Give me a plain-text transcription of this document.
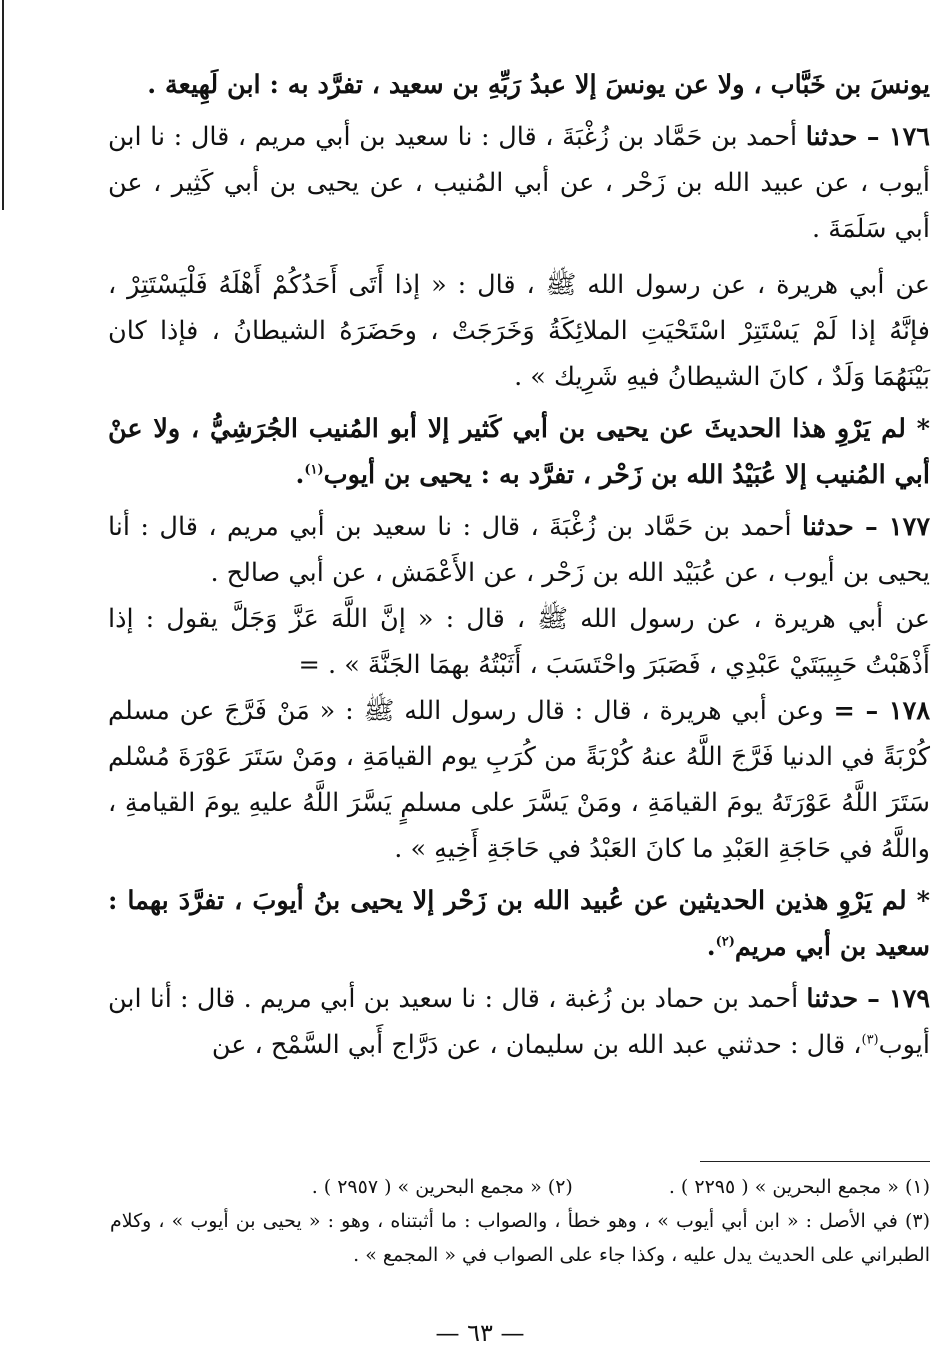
يونسَ بن خَبَّاب ، ولا عن يونسَ إلا عبدُ رَبِّهِ بن سعيد ، تفرَّد به : ابن لَهِيعة .

١٧٦ – حدثنا أحمد بن حَمَّاد بن زُغْبَةَ ، قال : نا سعيد بن أبي مريم ، قال : نا ابن أيوب ، عن عبيد الله بن زَحْر ، عن أبي المُنيب ، عن يحيى بن أبي كَثِير ، عن أبي سَلَمَةَ .

عن أبي هريرة ، عن رسول الله ﷺ ، قال : « إذا أَتَى أَحَدُكُمْ أَهْلَهُ فَلْيَسْتَتِرْ ، فإنَّهُ إذا لَمْ يَسْتَتِرْ اسْتَحْيَتِ الملائِكَةُ وَخَرَجَتْ ، وحَضَرَهُ الشيطانُ ، فإذا كان بَيْنَهُمَا وَلَدٌ ، كانَ الشيطانُ فيهِ شَرِيك » .

* لم يَرْوِ هذا الحديثَ عن يحيى بن أبي كَثير إلا أبو المُنيب الجُرَشِيُّ ، ولا عنْ أبي المُنيب إلا عُبَيْدُ الله بن زَحْر ، تفرَّد به : يحيى بن أيوب$^{(١)}$.

١٧٧ – حدثنا أحمد بن حَمَّاد بن زُغْبَةَ ، قال : نا سعيد بن أبي مريم ، قال : أنا يحيى بن أيوب ، عن عُبَيْد الله بن زَحْر ، عن الأَعْمَش ، عن أبي صالح .

عن أبي هريرة ، عن رسول الله ﷺ ، قال : « إنَّ اللَّهَ عَزَّ وَجَلَّ يقول : إذا أَذْهَبْتُ حَبِيبَتَيْ عَبْدِي ، فَصَبَرَ واحْتَسَبَ ، أَثَبْتُهُ بهمَا الجَنَّةَ » . =

١٧٨ – = وعن أبي هريرة ، قال : قال رسول الله ﷺ : « مَنْ فَرَّجَ عن مسلم كُرْبَةً في الدنيا فَرَّجَ اللَّهُ عنهُ كُرْبَةً من كُرَبِ يوم القيامَةِ ، ومَنْ سَتَرَ عَوْرَةَ مُسْلم سَتَرَ اللَّهُ عَوْرَتَهُ يومَ القيامَةِ ، ومَنْ يَسَّرَ على مسلمٍ يَسَّرَ اللَّهُ عليهِ يومَ القيامةِ ، واللَّهُ في حَاجَةِ العَبْدِ ما كانَ العَبْدُ في حَاجَةِ أَخِيهِ » .

* لم يَرْوِ هذين الحديثين عن عُبيد الله بن زَحْر إلا يحيى بنُ أيوبَ ، تفرَّدَ بهما : سعيد بن أبي مريم$^{(٢)}$.

١٧٩ – حدثنا أحمد بن حماد بن زُغبة ، قال : نا سعيد بن أبي مريم . قال : أنا ابن أيوب$^{(٣)}$، قال : حدثني عبد الله بن سليمان ، عن دَرَّاج أَبي السَّمْح ، عن

(١) « مجمع البحرين » ( ٢٢٩٥ ) .

(٢) « مجمع البحرين » ( ٢٩٥٧ ) .

(٣) في الأصل : « ابن أبي أيوب » ، وهو خطأ ، والصواب : ما أثبتناه ، وهو : « يحيى بن أيوب » ، وكلام الطبراني على الحديث يدل عليه ، وكذا جاء على الصواب في « المجمع » .

— ٦٣ —
